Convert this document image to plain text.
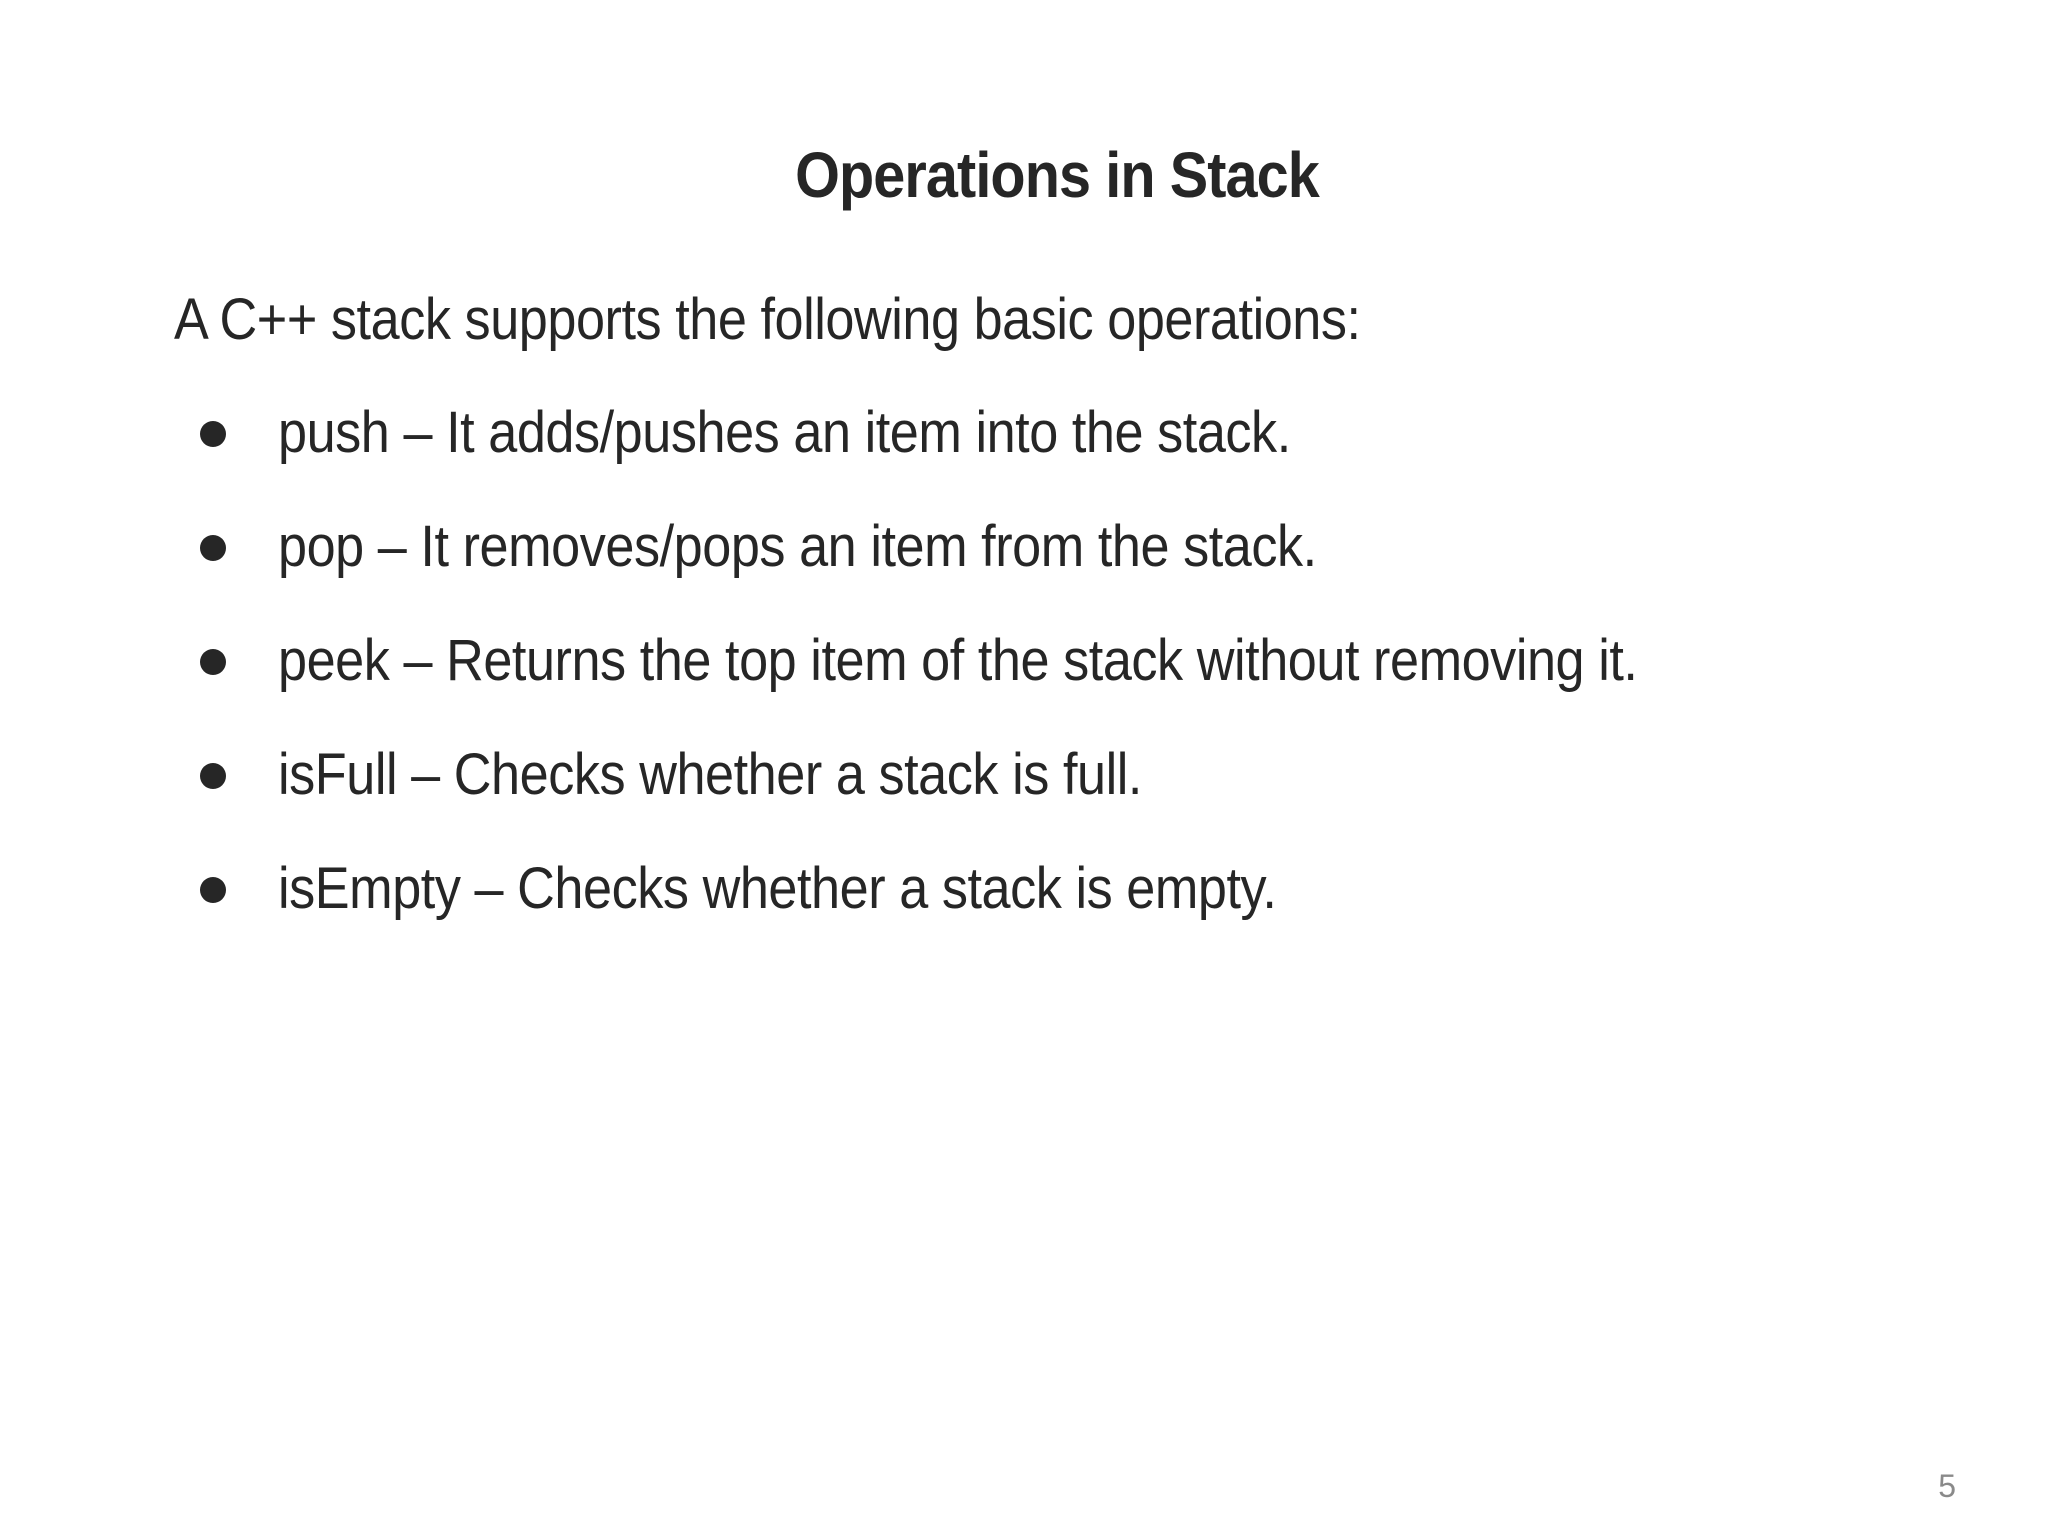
Operations in Stack
A C++ stack supports the following basic operations:
push – It adds/pushes an item into the stack.
pop – It removes/pops an item from the stack.
peek – Returns the top item of the stack without removing it.
isFull – Checks whether a stack is full.
isEmpty – Checks whether a stack is empty.
5
